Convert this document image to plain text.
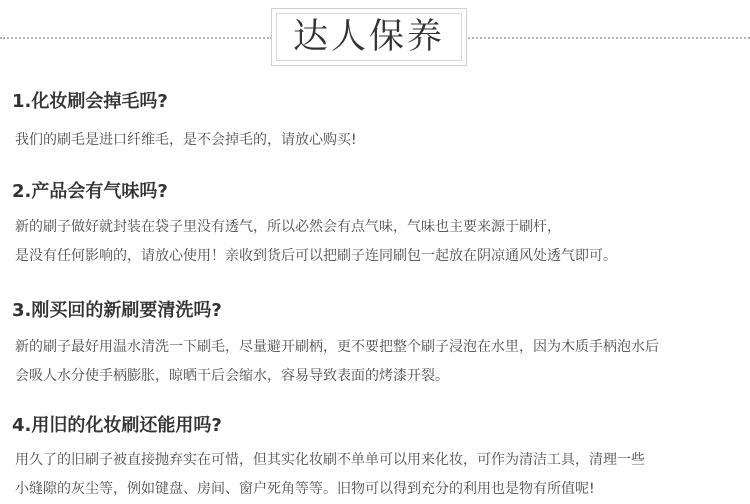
达人保养

1.化妆刷会掉毛吗?

我们的刷毛是进口纤维毛，是不会掉毛的，请放心购买!

2.产品会有气味吗?

新的刷子做好就封装在袋子里没有透气，所以必然会有点气味，气味也主要来源于刷杆，

是没有任何影响的，请放心使用！亲收到货后可以把刷子连同刷包一起放在阴凉通风处透气即可。

3.刚买回的新刷要清洗吗?

新的刷子最好用温水清洗一下刷毛，尽量避开刷柄，更不要把整个刷子浸泡在水里，因为木质手柄泡水后

会吸人水分使手柄膨胀，晾晒干后会缩水，容易导致表面的烤漆开裂。

4.用旧的化妆刷还能用吗?

用久了的旧刷子被直接抛弃实在可惜，但其实化妆刷不单单可以用来化妆，可作为清洁工具，清理一些

小缝隙的灰尘等，例如键盘、房间、窗户死角等等。旧物可以得到充分的利用也是物有所值呢!
